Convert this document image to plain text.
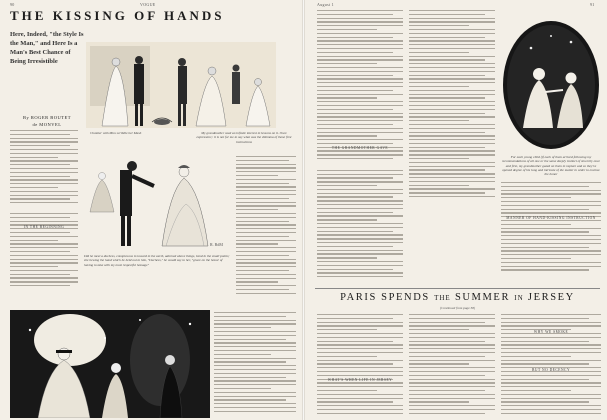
90	VOGUE
THE KISSING OF HANDS
Here, Indeed, "the Style Is the Man," and Here Is a Man's Best Chance of Being Irresistible
By ROGER BOUTET
de MONVEL
Clumber with Miss scribble her Mash	My grandmother used an infinite interest in lessons on it. Once expression;: it is not for me to say what was the dilemma of those first instructions
IN THE BEGINNING
R. BdM
Did he meet a duchess, conspicuous in toward in the earth, adorned above things, bend in the small points; she hewing the hand which he held out to him, "Duchess," he would say to her, "grace on the honor of having to take with my most respectful homage"
August 1	91
THE GRANDMOTHER GAVE
For each young child (if each of them arrived following my recommendations of all one or the same deeply instinct of sincerity once and first, my grandmother gazed on them in rapture and so they've opened degree of his long and intricate of the matter in order to enclose the honor
MANNER OF HAND-KISSING INSTRUCTION
PARIS SPENDS THE SUMMER IN JERSEY
(Continued from page 38)
WHAT'S WHEN LIFE IN JERSEY
WHY WE SMOKE
BUT NO DECENCY
